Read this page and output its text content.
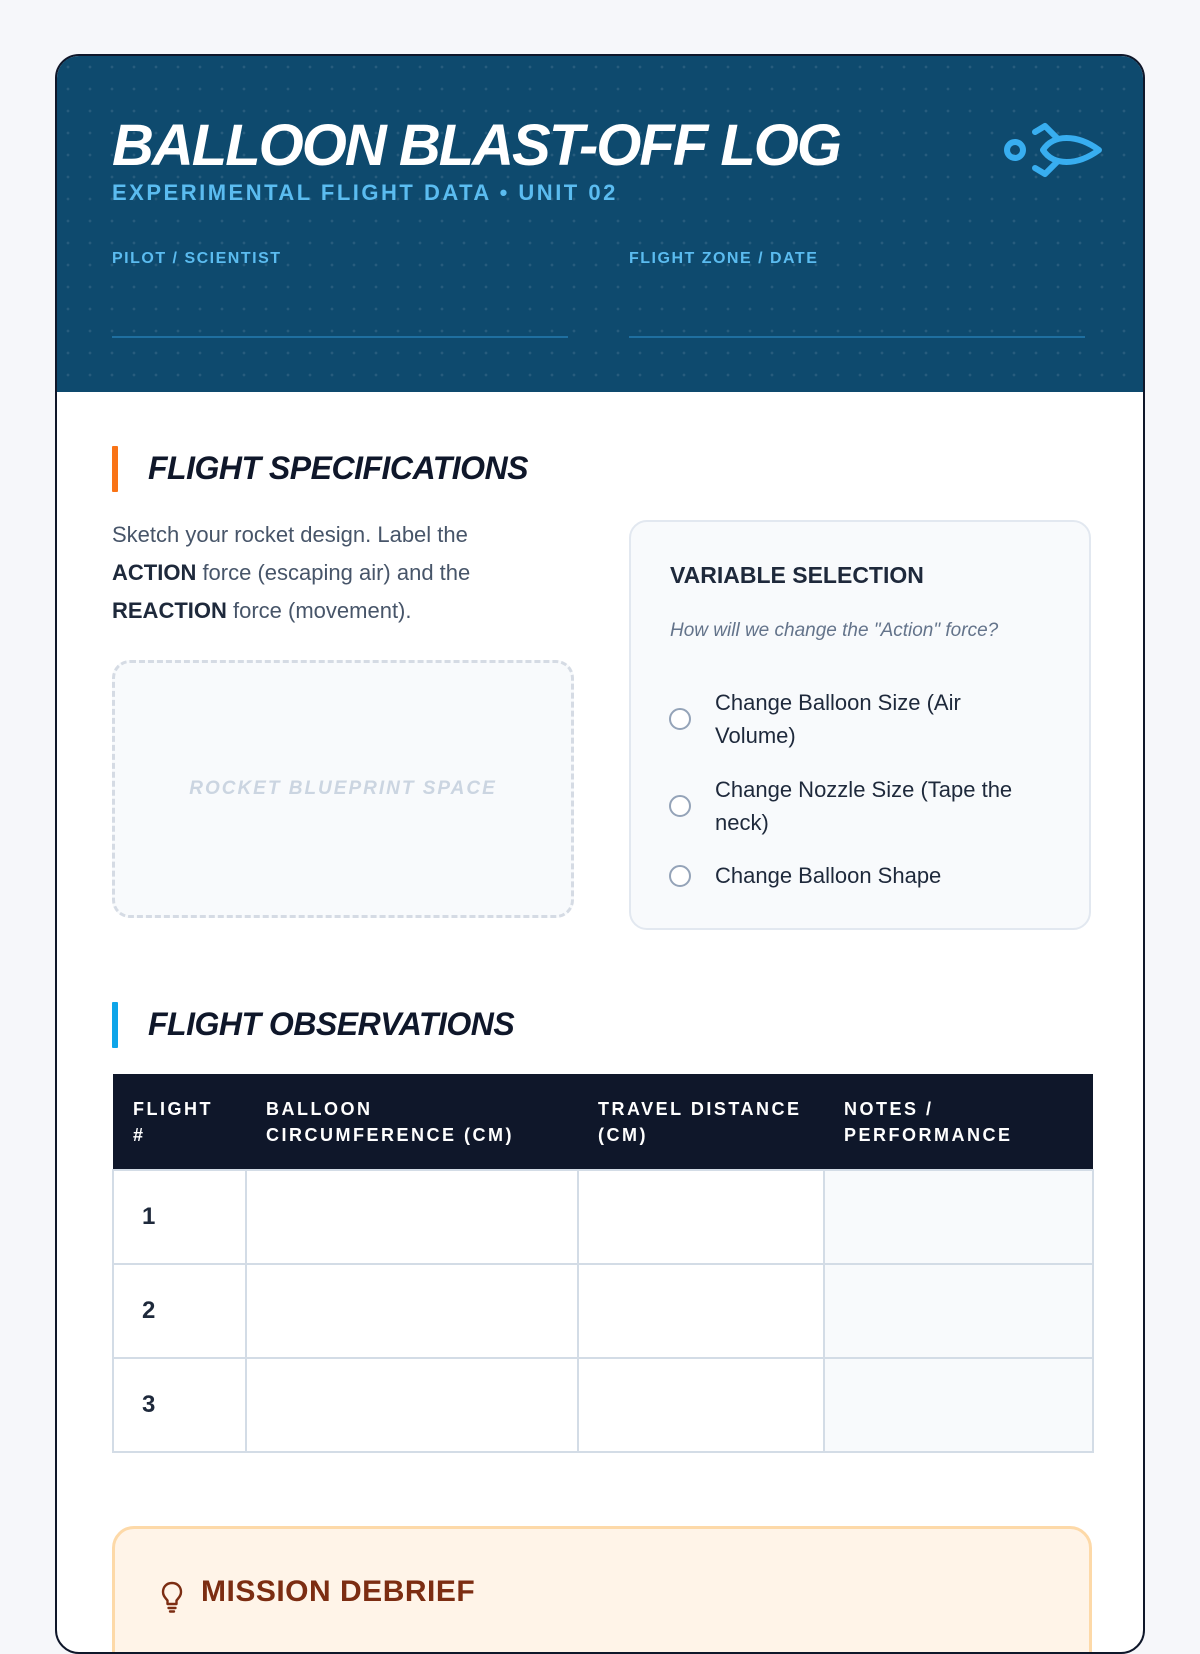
BALLOON BLAST-OFF LOG
EXPERIMENTAL FLIGHT DATA • UNIT 02
PILOT / SCIENTIST	FLIGHT ZONE / DATE
FLIGHT SPECIFICATIONS
Sketch your rocket design. Label the ACTION force (escaping air) and the REACTION force (movement).
ROCKET BLUEPRINT SPACE
VARIABLE SELECTION
How will we change the "Action" force?
Change Balloon Size (Air Volume)
Change Nozzle Size (Tape the neck)
Change Balloon Shape
FLIGHT OBSERVATIONS
FLIGHT #	BALLOON CIRCUMFERENCE (CM)	TRAVEL DISTANCE (CM)	NOTES / PERFORMANCE
1			
2			
3			
MISSION DEBRIEF
